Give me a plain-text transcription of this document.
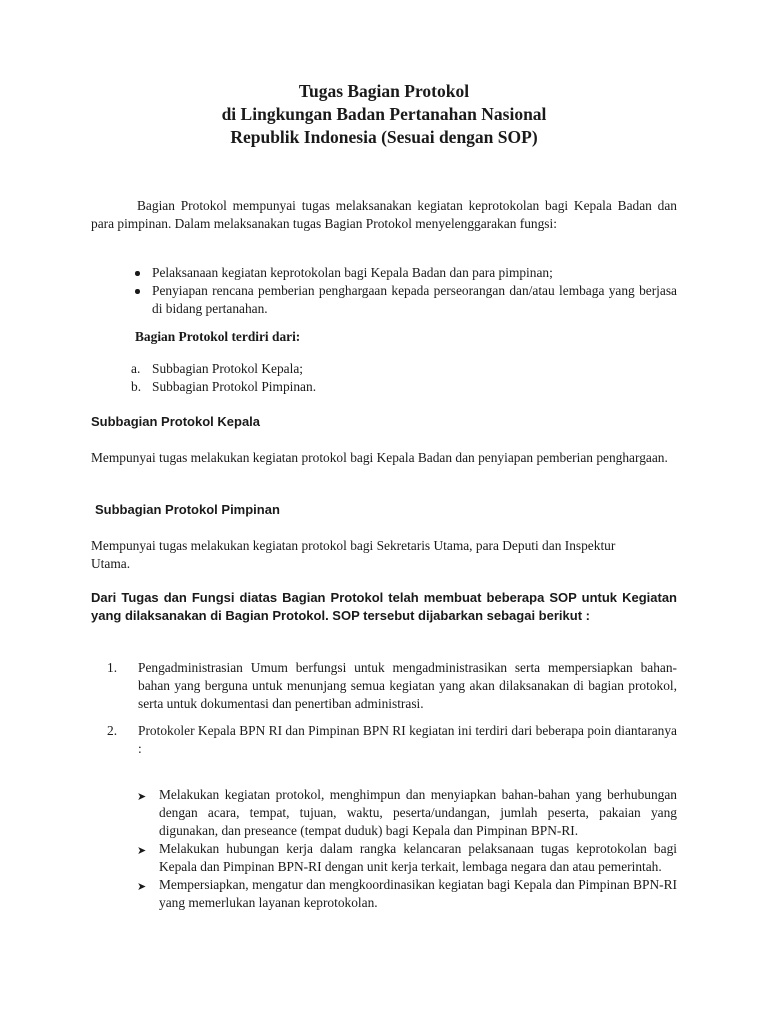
Tugas Bagian Protokol
di Lingkungan Badan Pertanahan Nasional
Republik Indonesia (Sesuai dengan SOP)
Bagian Protokol mempunyai tugas melaksanakan kegiatan keprotokolan bagi Kepala Badan dan para pimpinan. Dalam melaksanakan tugas Bagian Protokol menyelenggarakan fungsi:
Pelaksanaan kegiatan keprotokolan bagi Kepala Badan dan para pimpinan;
Penyiapan rencana pemberian penghargaan kepada perseorangan dan/atau lembaga yang berjasa di bidang pertanahan.
Bagian Protokol terdiri dari:
a. Subbagian Protokol Kepala;
b. Subbagian Protokol Pimpinan.
Subbagian Protokol Kepala
Mempunyai tugas melakukan kegiatan protokol bagi Kepala Badan dan penyiapan pemberian penghargaan.
Subbagian Protokol Pimpinan
Mempunyai tugas melakukan kegiatan protokol bagi Sekretaris Utama, para Deputi dan Inspektur Utama.
Dari Tugas dan Fungsi diatas Bagian Protokol telah membuat beberapa SOP untuk Kegiatan yang dilaksanakan di Bagian Protokol. SOP tersebut dijabarkan sebagai berikut :
1. Pengadministrasian Umum berfungsi untuk mengadministrasikan serta mempersiapkan bahan-bahan yang berguna untuk menunjang semua kegiatan yang akan dilaksanakan di bagian protokol, serta untuk dokumentasi dan penertiban administrasi.
2. Protokoler Kepala BPN RI dan Pimpinan BPN RI kegiatan ini terdiri dari beberapa poin diantaranya :
➤ Melakukan kegiatan protokol, menghimpun dan menyiapkan bahan-bahan yang berhubungan dengan acara, tempat, tujuan, waktu, peserta/undangan, jumlah peserta, pakaian yang digunakan, dan preseance (tempat duduk) bagi Kepala dan Pimpinan BPN-RI.
➤ Melakukan hubungan kerja dalam rangka kelancaran pelaksanaan tugas keprotokolan bagi Kepala dan Pimpinan BPN-RI dengan unit kerja terkait, lembaga negara dan atau pemerintah.
➤ Mempersiapkan, mengatur dan mengkoordinasikan kegiatan bagi Kepala dan Pimpinan BPN-RI yang memerlukan layanan keprotokolan.
